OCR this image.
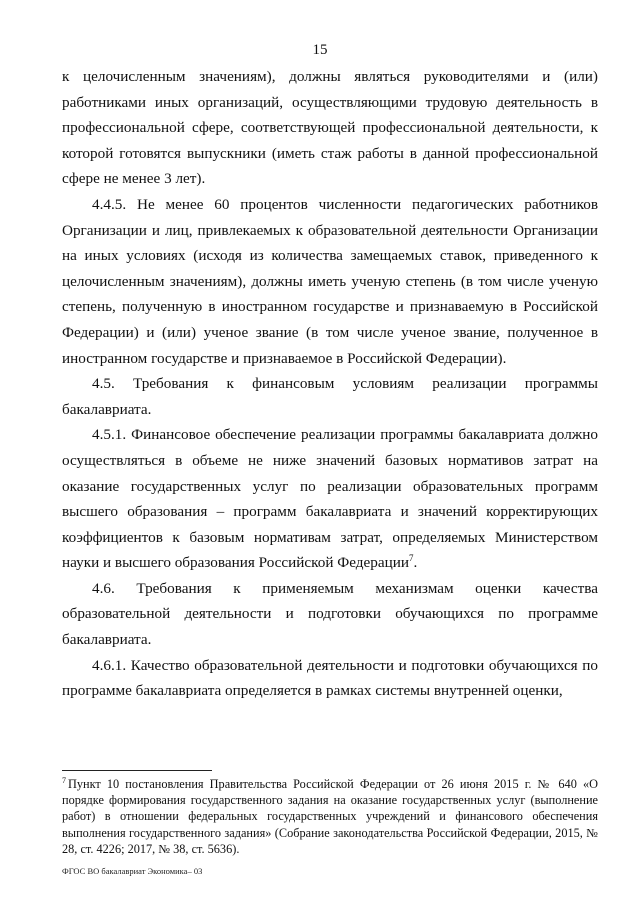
15

к целочисленным значениям), должны являться руководителями и (или) работниками иных организаций, осуществляющими трудовую деятельность в профессиональной сфере, соответствующей профессиональной деятельности, к которой готовятся выпускники (иметь стаж работы в данной профессиональной сфере не менее 3 лет).

4.4.5. Не менее 60 процентов численности педагогических работников Организации и лиц, привлекаемых к образовательной деятельности Организации на иных условиях (исходя из количества замещаемых ставок, приведенного к целочисленным значениям), должны иметь ученую степень (в том числе ученую степень, полученную в иностранном государстве и признаваемую в Российской Федерации) и (или) ученое звание (в том числе ученое звание, полученное в иностранном государстве и признаваемое в Российской Федерации).

4.5. Требования к финансовым условиям реализации программы бакалавриата.

4.5.1. Финансовое обеспечение реализации программы бакалавриата должно осуществляться в объеме не ниже значений базовых нормативов затрат на оказание государственных услуг по реализации образовательных программ высшего образования – программ бакалавриата и значений корректирующих коэффициентов к базовым нормативам затрат, определяемых Министерством науки и высшего образования Российской Федерации$^7$.

4.6. Требования к применяемым механизмам оценки качества образовательной деятельности и подготовки обучающихся по программе бакалавриата.

4.6.1. Качество образовательной деятельности и подготовки обучающихся по программе бакалавриата определяется в рамках системы внутренней оценки,

$^7$ Пункт 10 постановления Правительства Российской Федерации от 26 июня 2015 г. № 640 «О порядке формирования государственного задания на оказание государственных услуг (выполнение работ) в отношении федеральных государственных учреждений и финансового обеспечения выполнения государственного задания» (Собрание законодательства Российской Федерации, 2015, № 28, ст. 4226; 2017, № 38, ст. 5636).

ФГОС ВО бакалавриат Экономика– 03
